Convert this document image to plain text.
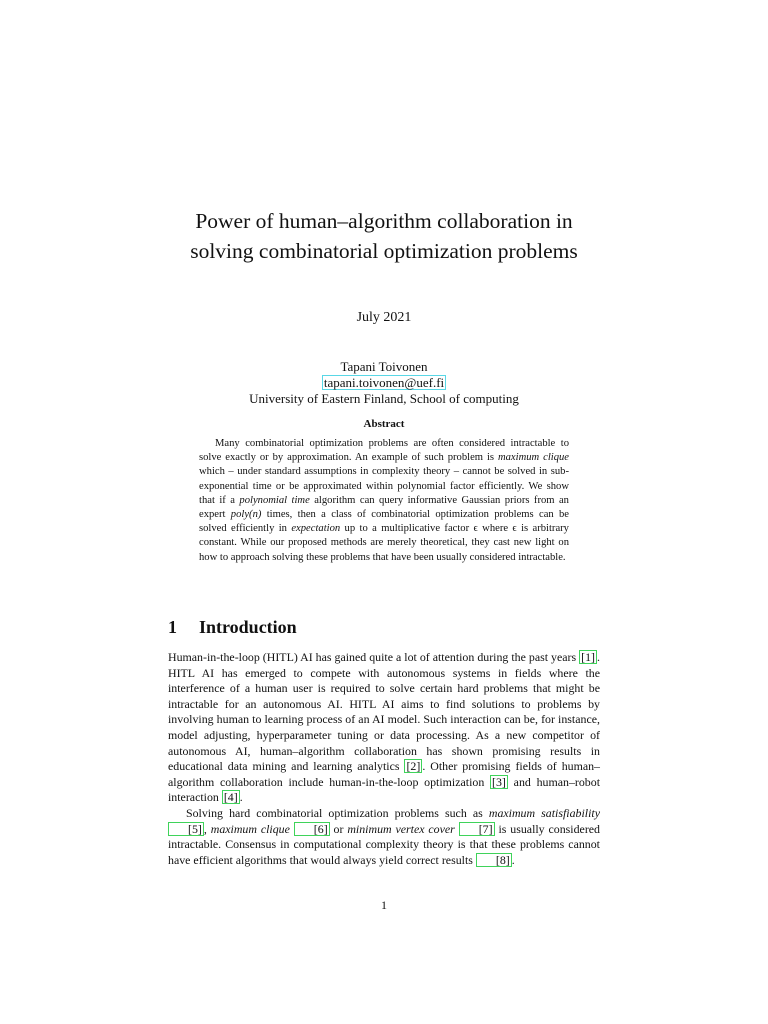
Power of human–algorithm collaboration in
solving combinatorial optimization problems
July 2021
Tapani Toivonen
tapani.toivonen@uef.fi
University of Eastern Finland, School of computing
Abstract

Many combinatorial optimization problems are often considered intractable to solve exactly or by approximation. An example of such problem is maximum clique which – under standard assumptions in complexity theory – cannot be solved in sub-exponential time or be approximated within polynomial factor efficiently. We show that if a polynomial time algorithm can query informative Gaussian priors from an expert poly(n) times, then a class of combinatorial optimization problems can be solved efficiently in expectation up to a multiplicative factor ϵ where ϵ is arbitrary constant. While our proposed methods are merely theoretical, they cast new light on how to approach solving these problems that have been usually considered intractable.

1 Introduction

Human-in-the-loop (HITL) AI has gained quite a lot of attention during the past years [1] . HITL AI has emerged to compete with autonomous systems in fields where the interference of a human user is required to solve certain hard problems that might be intractable for an autonomous AI. HITL AI aims to find solutions to problems by involving human to learning process of an AI model. Such interaction can be, for instance, model adjusting, hyperparameter tuning or data processing. As a new competitor of autonomous AI, human–algorithm collaboration has shown promising results in educational data mining and learning analytics [2] . Other promising fields of human–algorithm collaboration include human-in-the-loop optimization [3] and human–robot interaction [4] .

Solving hard combinatorial optimization problems such as maximum satisfiability [5] , maximum clique [6] or minimum vertex cover [7] is usually considered intractable. Consensus in computational complexity theory is that these problems cannot have efficient algorithms that would always yield correct results [8] .

1
